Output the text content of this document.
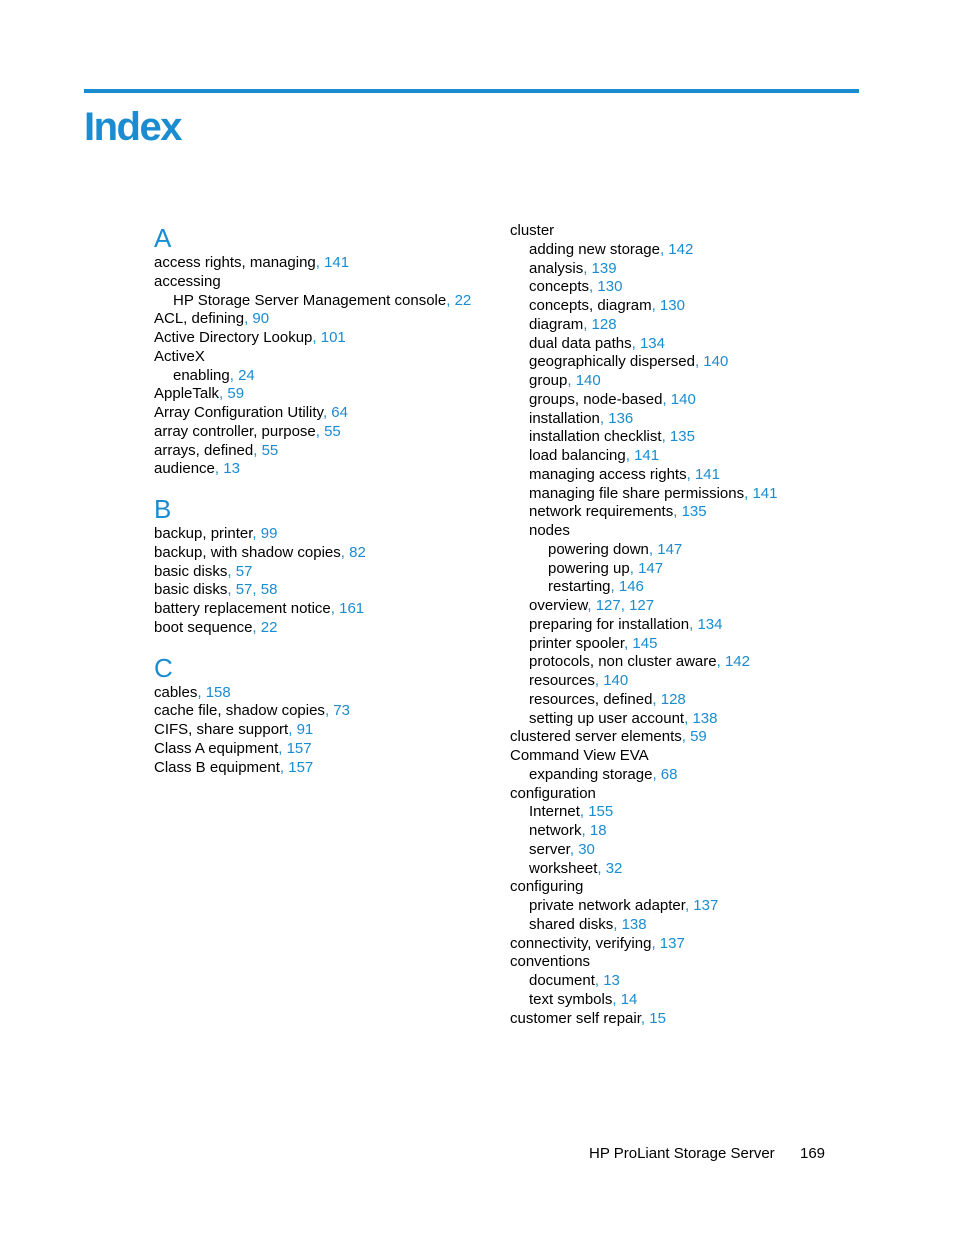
Index
A
access rights, managing, 141
accessing
HP Storage Server Management console, 22
ACL, defining, 90
Active Directory Lookup, 101
ActiveX
enabling, 24
AppleTalk, 59
Array Configuration Utility, 64
array controller, purpose, 55
arrays, defined, 55
audience, 13
B
backup, printer, 99
backup, with shadow copies, 82
basic disks, 57
basic disks, 57, 58
battery replacement notice, 161
boot sequence, 22
C
cables, 158
cache file, shadow copies, 73
CIFS, share support, 91
Class A equipment, 157
Class B equipment, 157
cluster
adding new storage, 142
analysis, 139
concepts, 130
concepts, diagram, 130
diagram, 128
dual data paths, 134
geographically dispersed, 140
group, 140
groups, node-based, 140
installation, 136
installation checklist, 135
load balancing, 141
managing access rights, 141
managing file share permissions, 141
network requirements, 135
nodes
powering down, 147
powering up, 147
restarting, 146
overview, 127, 127
preparing for installation, 134
printer spooler, 145
protocols, non cluster aware, 142
resources, 140
resources, defined, 128
setting up user account, 138
clustered server elements, 59
Command View EVA
expanding storage, 68
configuration
Internet, 155
network, 18
server, 30
worksheet, 32
configuring
private network adapter, 137
shared disks, 138
connectivity, verifying, 137
conventions
document, 13
text symbols, 14
customer self repair, 15
HP ProLiant Storage Server 169
